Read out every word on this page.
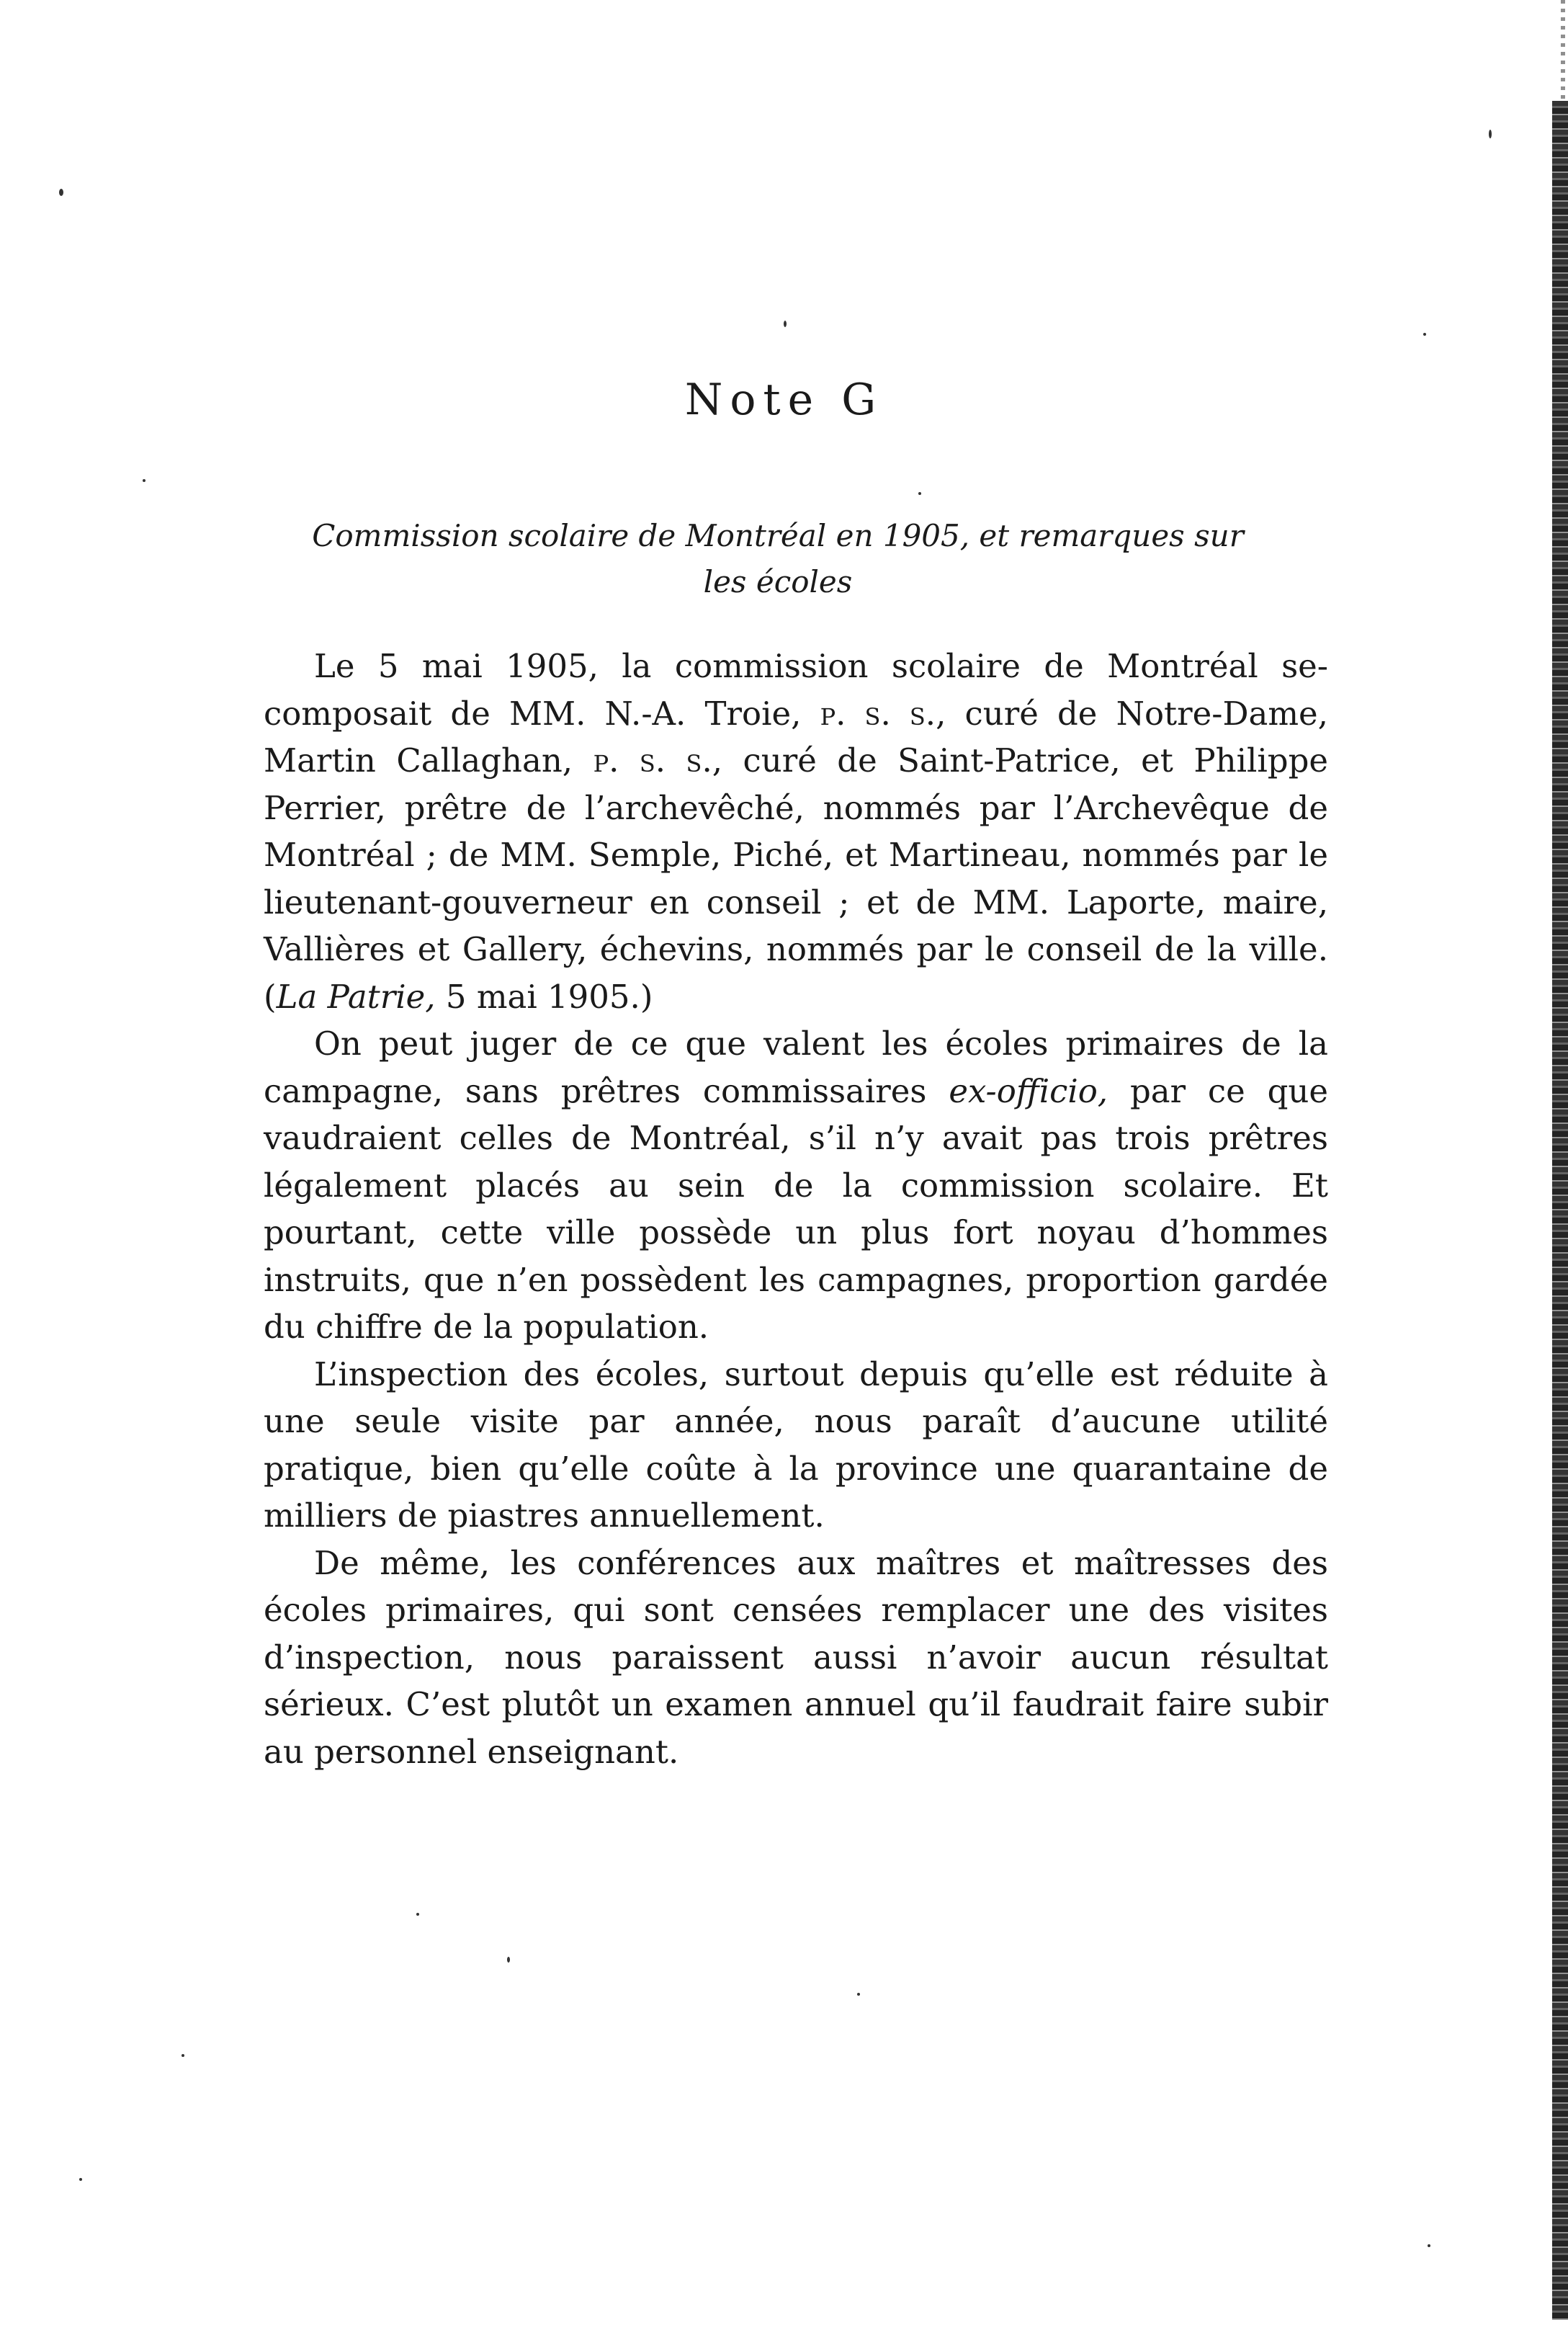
Note G
Commission scolaire de Montréal en 1905, et remarques sur
les écoles

Le 5 mai 1905, la commission scolaire de Montréal se-composait de MM. N.-A. Troie, p. s. s., curé de Notre-Dame, Martin Callaghan, p. s. s., curé de Saint-Patrice, et Philippe Perrier, prêtre de l’archevêché, nommés par l’Archevêque de Montréal ; de MM. Semple, Piché, et Martineau, nommés par le lieutenant-gouverneur en conseil ; et de MM. Laporte, maire, Vallières et Gallery, échevins, nommés par le conseil de la ville. (La Patrie, 5 mai 1905.)

On peut juger de ce que valent les écoles primaires de la campagne, sans prêtres commissaires ex-officio, par ce que vaudraient celles de Montréal, s’il n’y avait pas trois prêtres légalement placés au sein de la commission scolaire. Et pourtant, cette ville possède un plus fort noyau d’hommes instruits, que n’en possèdent les campagnes, proportion gardée du chiffre de la population.

L’inspection des écoles, surtout depuis qu’elle est réduite à une seule visite par année, nous paraît d’aucune utilité pratique, bien qu’elle coûte à la province une quarantaine de milliers de piastres annuellement.

De même, les conférences aux maîtres et maîtresses des écoles primaires, qui sont censées remplacer une des visites d’inspection, nous paraissent aussi n’avoir aucun résultat sérieux. C’est plutôt un examen annuel qu’il faudrait faire subir au personnel enseignant.
